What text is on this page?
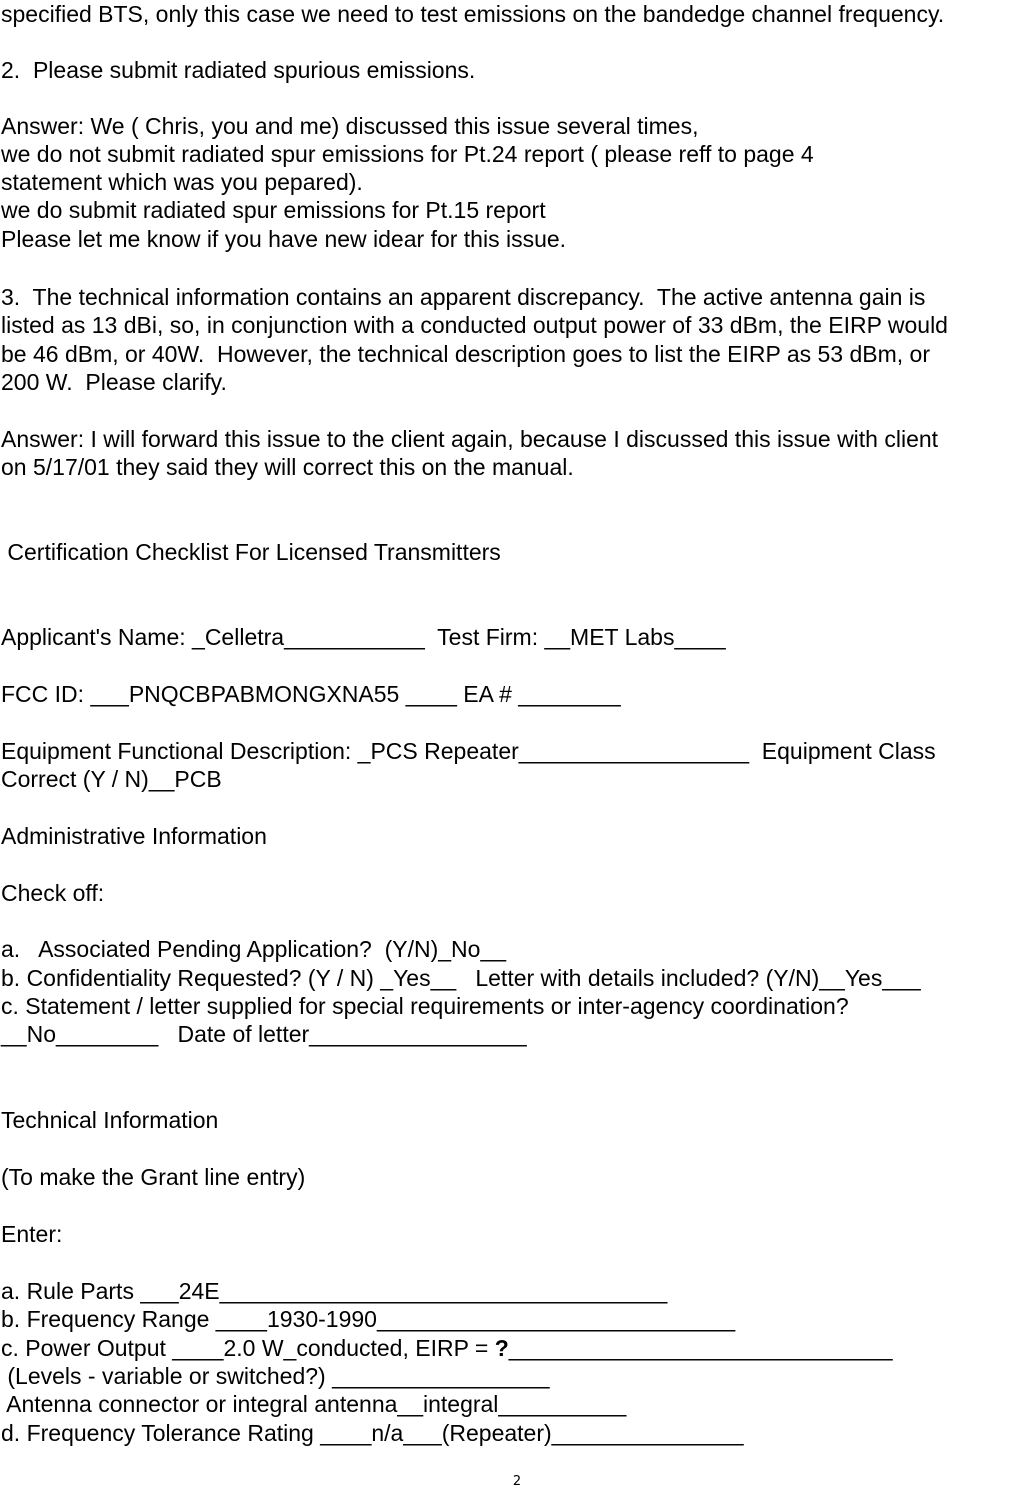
specified BTS, only this case we need to test emissions on the bandedge channel frequency.
2.  Please submit radiated spurious emissions.
Answer: We ( Chris, you and me) discussed this issue several times,
we do not submit radiated spur emissions for Pt.24 report ( please reff to page 4
statement which was you pepared).
we do submit radiated spur emissions for Pt.15 report
Please let me know if you have new idear for this issue.
3.  The technical information contains an apparent discrepancy.  The active antenna gain is
listed as 13 dBi, so, in conjunction with a conducted output power of 33 dBm, the EIRP would
be 46 dBm, or 40W.  However, the technical description goes to list the EIRP as 53 dBm, or
200 W.  Please clarify.
Answer: I will forward this issue to the client again, because I discussed this issue with client
on 5/17/01 they said they will correct this on the manual.
Certification Checklist For Licensed Transmitters
Applicant's Name: _Celletra___________  Test Firm: __MET Labs____
FCC ID: ___PNQCBPABMONGXNA55 ____ EA # ________
Equipment Functional Description: _PCS Repeater__________________  Equipment Class
Correct (Y / N)__PCB
Administrative Information
Check off:
a.   Associated Pending Application?  (Y/N)_No__
b. Confidentiality Requested? (Y / N) _Yes__   Letter with details included? (Y/N)__Yes___
c. Statement / letter supplied for special requirements or inter-agency coordination?
__No________   Date of letter_________________
Technical Information
(To make the Grant line entry)
Enter:
a. Rule Parts ___24E___________________________________
b. Frequency Range ____1930-1990____________________________
c. Power Output ____2.0 W_conducted, EIRP = ?______________________________
(Levels - variable or switched?) _________________
Antenna connector or integral antenna__integral__________
d. Frequency Tolerance Rating ____n/a___(Repeater)_______________
2
